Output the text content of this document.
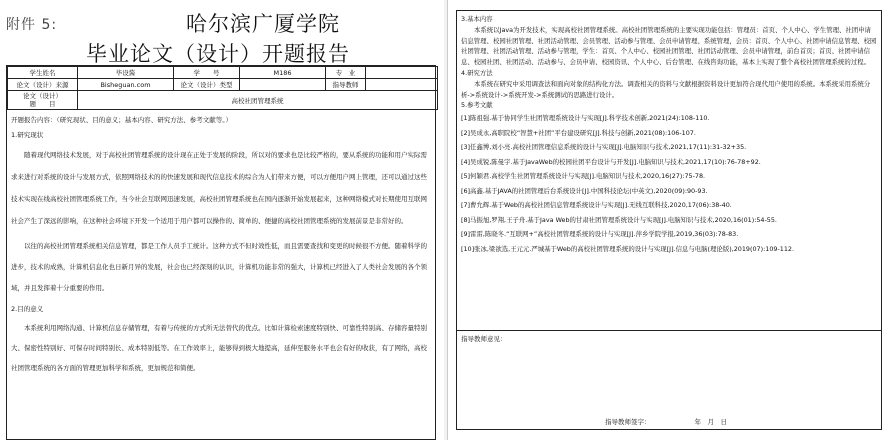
附件 5:	哈尔滨广厦学院
毕业论文（设计）开题报告
学生姓名	毕设酱	学　　号	M186	专　业	
论文（设计）来源	Bisheguan.com	论文（设计）类型		指导教师	

论文（设计）
题　　目	高校社团管理系统				
开题报告内容：（研究现状、目的意义；基本内容、研究方法、参考文献等。）
1.研究现状
随着现代网络技术发展，对于高校社团管理系统的设计现在正处于发展的阶段，所以对的要求也是比较严格的，要从系统的功能和用户实际需求来进行对系统的设计与发展方式，依照网络技术的的快速发展和现代信息技术的综合为人们带来方便，可以方便用户网上管理，还可以通过这些技术实现在线高校社团管理系统工作，当今社会互联网迅速发展，高校社团管理系统也在国内逐渐开始发展起来，这种网络模式对长期使用互联网社会产生了深远的影响，在这种社会环境下开发一个适用于用户都可以操作的、简单的、便捷的高校社团管理系统的发展前景是非常好的。
以往的高校社团管理系统相关信息管理，都是工作人员手工统计。这种方式不但时效性低，而且需要查找和变更的时候很不方便。随着科学的进步，技术的成熟，计算机信息化也日新月异的发展，社会也已经深刻的认识，计算机功能非常的强大，计算机已经进入了人类社会发展的各个领域，并且发挥着十分重要的作用。
2.目的意义
本系统利用网络沟通、计算机信息存储管理，有着与传统的方式所无法替代的优点。比如计算检索速度特别快、可靠性特别高、存储容量特别大、保密性特别好、可保存时间特别长、成本特别低等。在工作效率上，能够得到极大地提高，延伸至服务水平也会有好的收获，有了网络，高校社团管理系统的各方面的管理更加科学和系统，更加规范和简便。
3.基本内容
本系统以Java为开发技术，实现高校社团管理系统。高校社团管理系统的主要实现功能包括：管理员：首页、个人中心、学生管理、社团申请信息管理、校园社团管理、社团活动管理、会员管理、活动参与管理、会员申请管理、系统管理，会员：首页、个人中心、社团申请信息管理、校园社团管理、社团活动管理、活动参与管理，学生：首页、个人中心、校园社团管理、社团活动管理、会员申请管理，前台首页；首页、社团申请信息、校园社团、社团活动、活动参与、会员申请、校园资讯、个人中心、后台管理、在线咨询功能，基本上实现了整个高校社团管理系统的过程。
4.研究方法
本系统在研究中采用调查法和面向对象的结构化方法。调查相关的资料与文献根据资料设计更加符合现代用户使用的系统。本系统采用系统分析->系统设计->系统开发->系统测试的思路进行设计。
5.参考文献
[1]陈祖强.基于协同学生社团管理系统设计与实现[J].科学技术创新,2021(24):108-110.
[2]吴成永,高职院校“智慧+社团”平台建设研究[J].科技与创新,2021(08):106-107.
[3]任鑫博,刘小亮.高校社团管理信息系统的设计与实现[J].电脑知识与技术,2021,17(11):31-32+35.
[4]吴成锐,陈曼宇.基于JavaWeb的校园社团平台设计与开发[J].电脑知识与技术,2021,17(10):76-78+92.
[5]何颖君.高校学生社团管理系统设计与实现[J].电脑知识与技术,2020,16(27):75-78.
[6]高鑫.基于JAVA的社团管理后台系统设计[J].中国科技论坛(中英文),2020(09):90-93.
[7]曹允辉.基于Web的高校社团信息管理系统设计与实现[J].无线互联科技,2020,17(06):38-40.
[8]马振旭,罗翔,王子舟.基于Java Web的甘肃社团管理系统设计与实现[J].电脑知识与技术,2020,16(01):54-55.
[9]雷雷,陈晓冬.“互联网+”高校社团管理系统的设计与实现[J].萍乡学院学报,2019,36(03):78-83.
[10]张冰,梁欲选,王元元.严城基于Web的高校社团管理系统的设计与实现[J].信息与电脑(理论版),2019(07):109-112.
指导教师意见：
指导教师签字：	年　月　日
